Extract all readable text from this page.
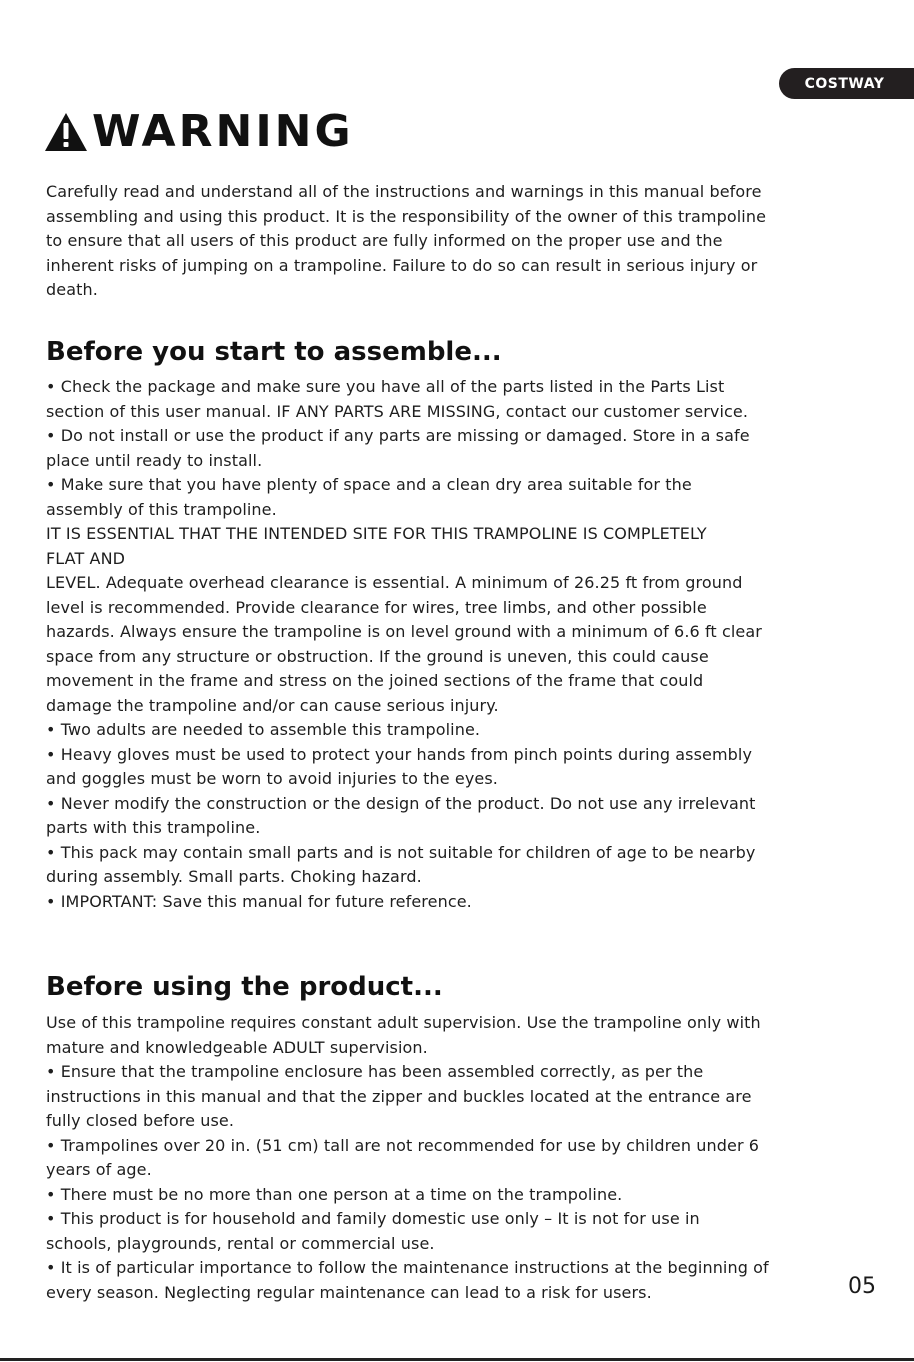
COSTWAY
WARNING

Carefully read and understand all of the instructions and warnings in this manual before

assembling and using this product. It is the responsibility of the owner of this trampoline

to ensure that all users of this product are fully informed on the proper use and the

inherent risks of jumping on a trampoline. Failure to do so can result in serious injury or

death.

Before you start to assemble...

• Check the package and make sure you have all of the parts listed in the Parts List

section of this user manual. IF ANY PARTS ARE MISSING, contact our customer service.

• Do not install or use the product if any parts are missing or damaged. Store in a safe

place until ready to install.

• Make sure that you have plenty of space and a clean dry area suitable for the

assembly of this trampoline.

IT IS ESSENTIAL THAT THE INTENDED SITE FOR THIS TRAMPOLINE IS COMPLETELY

FLAT AND

LEVEL. Adequate overhead clearance is essential. A minimum of 26.25 ft from ground

level is recommended. Provide clearance for wires, tree limbs, and other possible

hazards. Always ensure the trampoline is on level ground with a minimum of 6.6 ft clear

space from any structure or obstruction. If the ground is uneven, this could cause

movement in the frame and stress on the joined sections of the frame that could

damage the trampoline and/or can cause serious injury.

• Two adults are needed to assemble this trampoline.

• Heavy gloves must be used to protect your hands from pinch points during assembly

and goggles must be worn to avoid injuries to the eyes.

• Never modify the construction or the design of the product. Do not use any irrelevant

parts with this trampoline.

• This pack may contain small parts and is not suitable for children of age to be nearby

during assembly. Small parts. Choking hazard.

• IMPORTANT: Save this manual for future reference.

Before using the product...

Use of this trampoline requires constant adult supervision. Use the trampoline only with

mature and knowledgeable ADULT supervision.

• Ensure that the trampoline enclosure has been assembled correctly, as per the

instructions in this manual and that the zipper and buckles located at the entrance are

fully closed before use.

• Trampolines over 20 in. (51 cm) tall are not recommended for use by children under 6

years of age.

• There must be no more than one person at a time on the trampoline.

• This product is for household and family domestic use only – It is not for use in

schools, playgrounds, rental or commercial use.

• It is of particular importance to follow the maintenance instructions at the beginning of

every season. Neglecting regular maintenance can lead to a risk for users.	05
